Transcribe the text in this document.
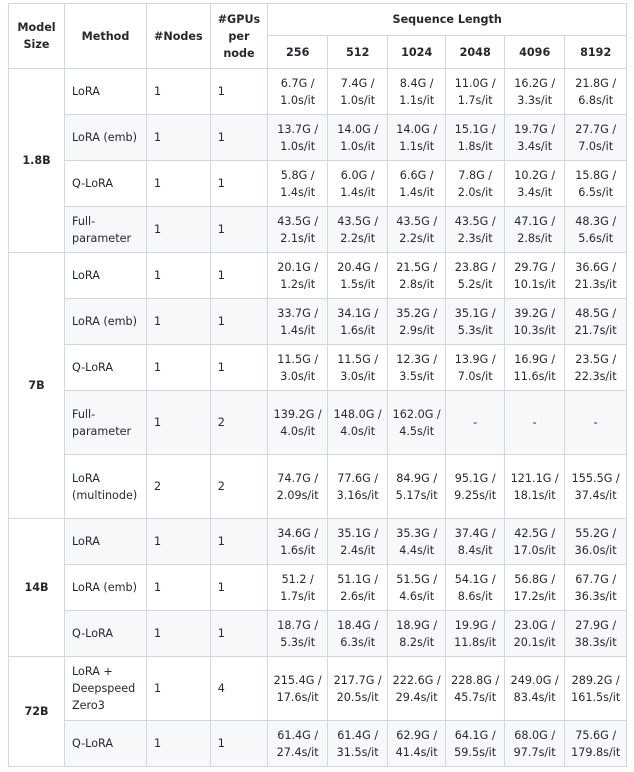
Model Size	Method	#Nodes	#GPUs per node	Sequence Length					
				256	512	1024	2048	4096	8192
1.8B	LoRA	1	1	6.7G / 1.0s/it	7.4G / 1.0s/it	8.4G / 1.1s/it	11.0G / 1.7s/it	16.2G / 3.3s/it	21.8G / 6.8s/it
	LoRA (emb)	1	1	13.7G / 1.0s/it	14.0G / 1.0s/it	14.0G / 1.1s/it	15.1G / 1.8s/it	19.7G / 3.4s/it	27.7G / 7.0s/it
	Q-LoRA	1	1	5.8G / 1.4s/it	6.0G / 1.4s/it	6.6G / 1.4s/it	7.8G / 2.0s/it	10.2G / 3.4s/it	15.8G / 6.5s/it
	Full-parameter	1	1	43.5G / 2.1s/it	43.5G / 2.2s/it	43.5G / 2.2s/it	43.5G / 2.3s/it	47.1G / 2.8s/it	48.3G / 5.6s/it
7B	LoRA	1	1	20.1G / 1.2s/it	20.4G / 1.5s/it	21.5G / 2.8s/it	23.8G / 5.2s/it	29.7G / 10.1s/it	36.6G / 21.3s/it
	LoRA (emb)	1	1	33.7G / 1.4s/it	34.1G / 1.6s/it	35.2G / 2.9s/it	35.1G / 5.3s/it	39.2G / 10.3s/it	48.5G / 21.7s/it
	Q-LoRA	1	1	11.5G / 3.0s/it	11.5G / 3.0s/it	12.3G / 3.5s/it	13.9G / 7.0s/it	16.9G / 11.6s/it	23.5G / 22.3s/it
	Full-parameter	1	2	139.2G / 4.0s/it	148.0G / 4.0s/it	162.0G / 4.5s/it	-	-	-
	LoRA (multinode)	2	2	74.7G / 2.09s/it	77.6G / 3.16s/it	84.9G / 5.17s/it	95.1G / 9.25s/it	121.1G / 18.1s/it	155.5G / 37.4s/it
14B	LoRA	1	1	34.6G / 1.6s/it	35.1G / 2.4s/it	35.3G / 4.4s/it	37.4G / 8.4s/it	42.5G / 17.0s/it	55.2G / 36.0s/it
	LoRA (emb)	1	1	51.2 / 1.7s/it	51.1G / 2.6s/it	51.5G / 4.6s/it	54.1G / 8.6s/it	56.8G / 17.2s/it	67.7G / 36.3s/it
	Q-LoRA	1	1	18.7G / 5.3s/it	18.4G / 6.3s/it	18.9G / 8.2s/it	19.9G / 11.8s/it	23.0G / 20.1s/it	27.9G / 38.3s/it
72B	LoRA + Deepspeed Zero3	1	4	215.4G / 17.6s/it	217.7G / 20.5s/it	222.6G / 29.4s/it	228.8G / 45.7s/it	249.0G / 83.4s/it	289.2G / 161.5s/it
	Q-LoRA	1	1	61.4G / 27.4s/it	61.4G / 31.5s/it	62.9G / 41.4s/it	64.1G / 59.5s/it	68.0G / 97.7s/it	75.6G / 179.8s/it
